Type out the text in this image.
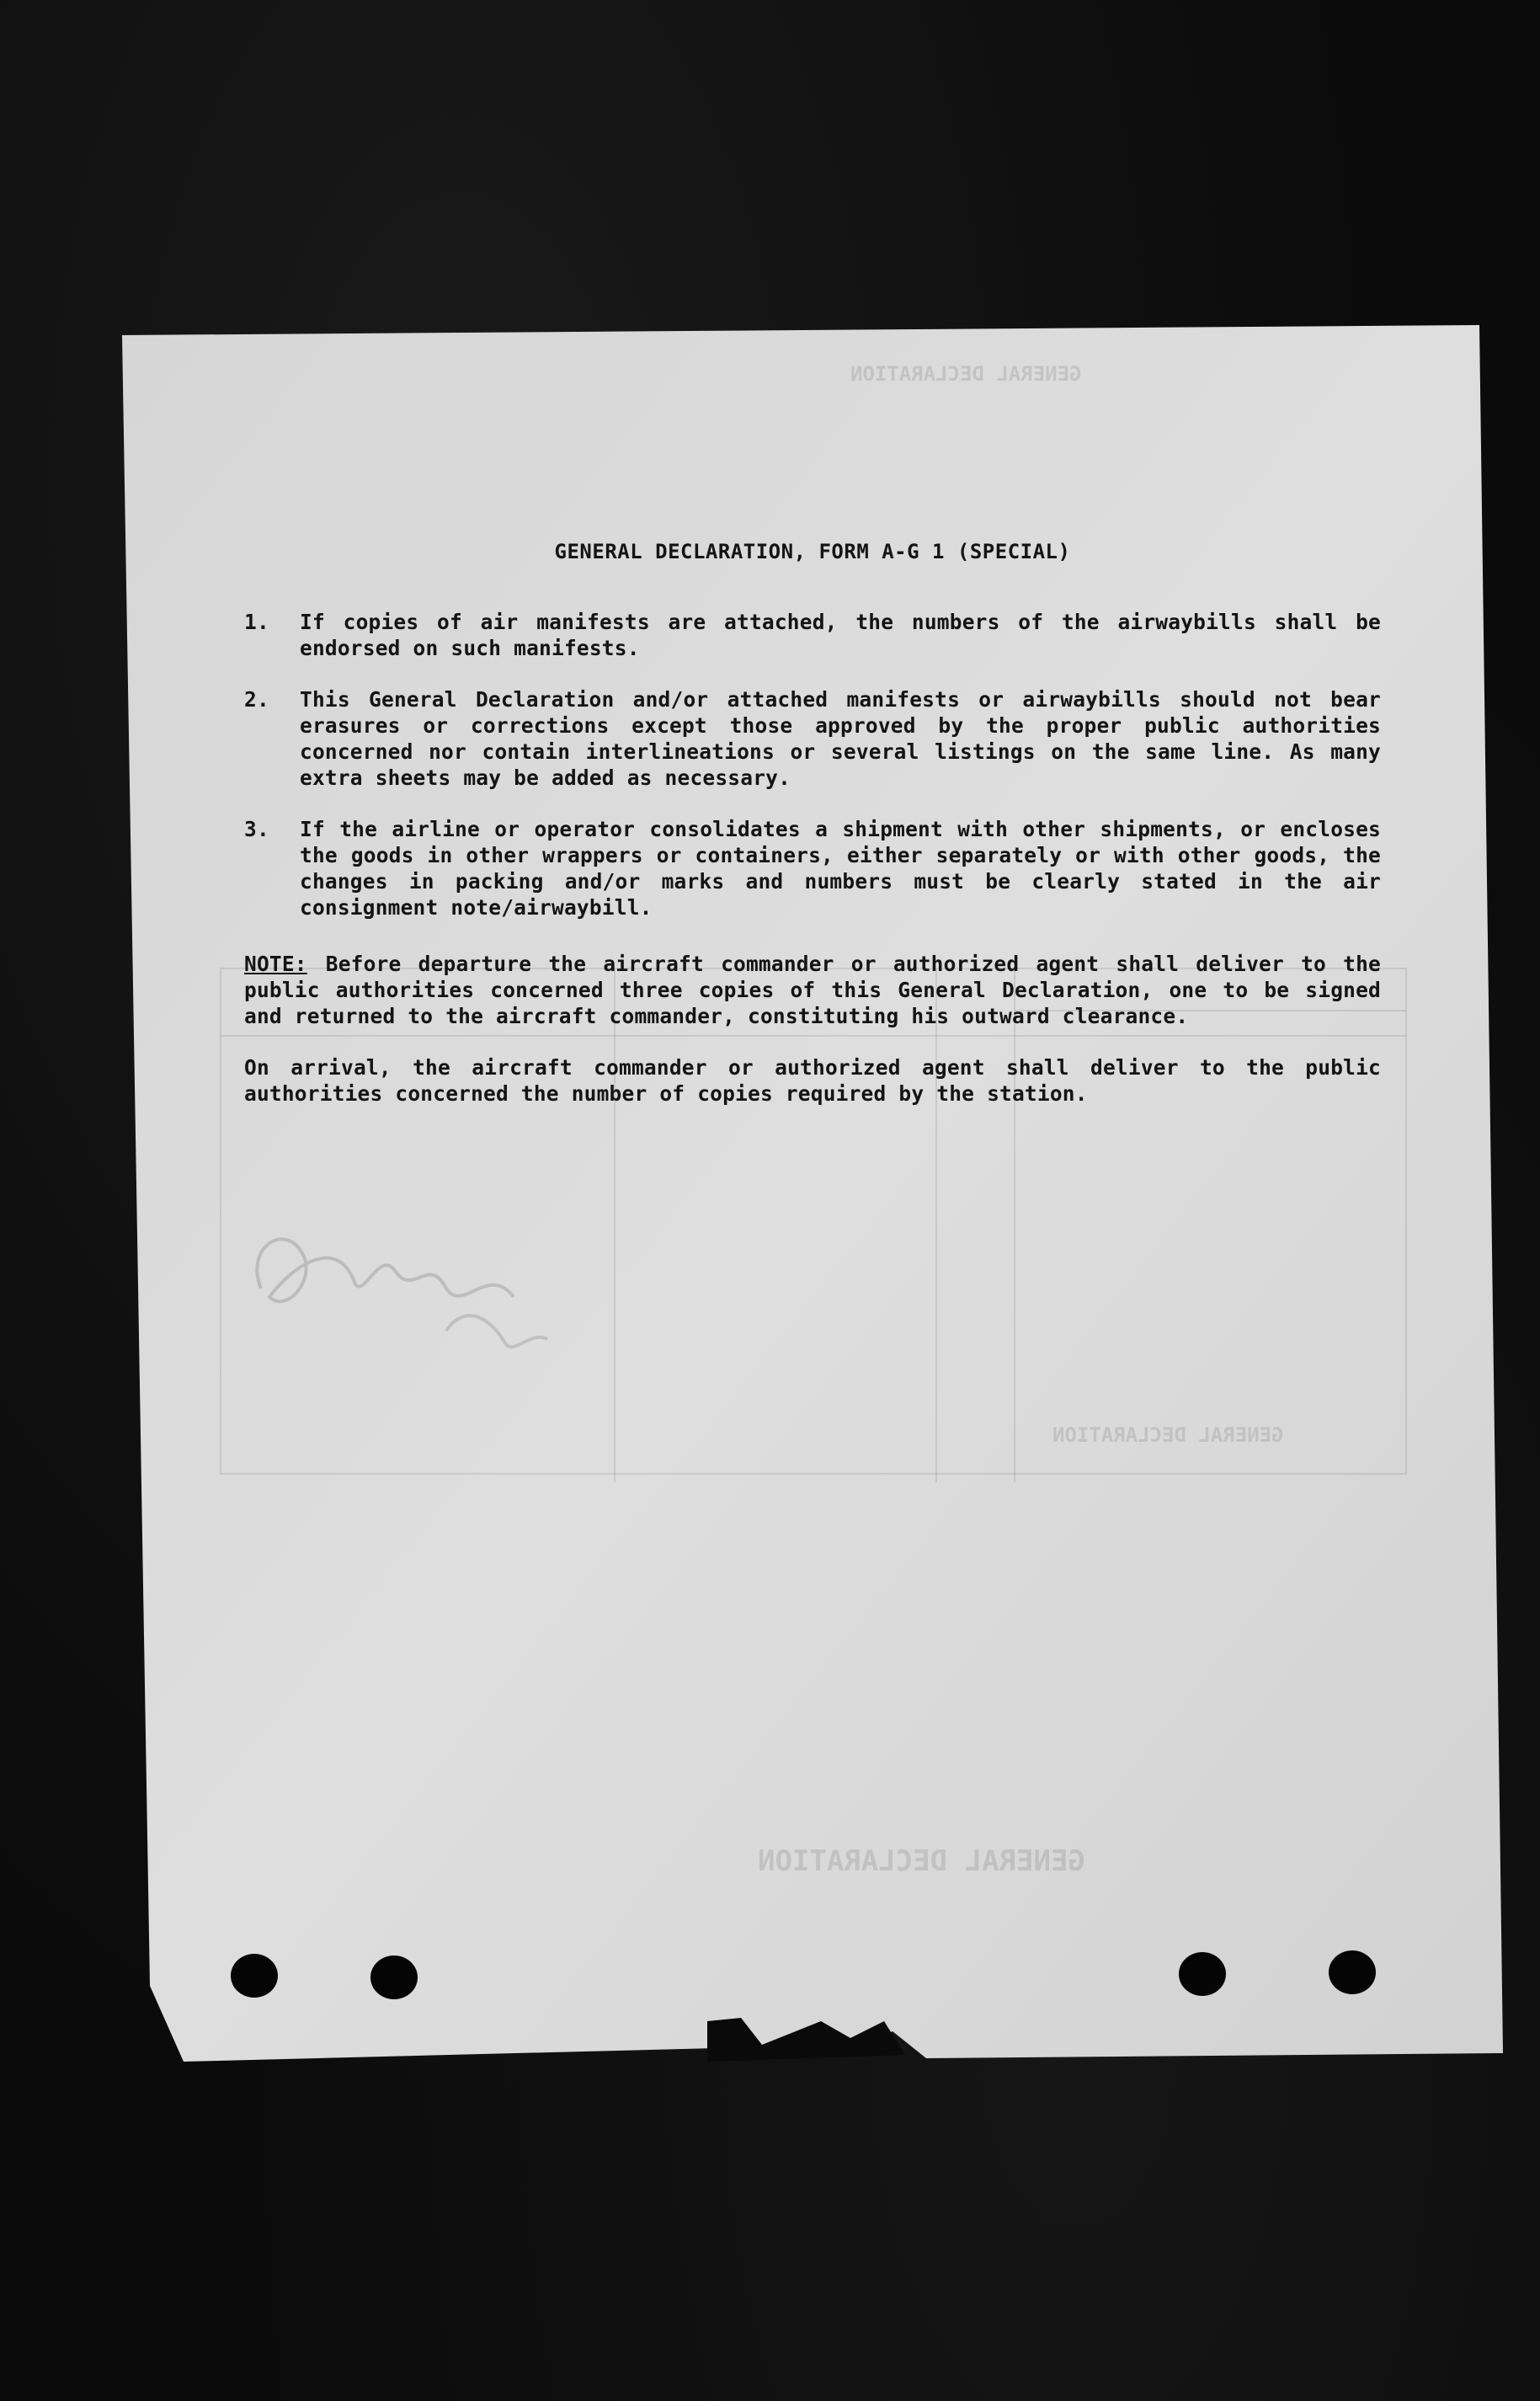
GENERAL DECLARATION
GENERAL DECLARATION
GENERAL DECLARATION
GENERAL DECLARATION, FORM A-G 1 (SPECIAL)
1.	If copies of air manifests are attached, the numbers of the airwaybills shall be endorsed on such manifests.
2.	This General Declaration and/or attached manifests or airwaybills should not bear erasures or corrections except those approved by the proper public authorities concerned nor contain interlineations or several listings on the same line. As many extra sheets may be added as necessary.
3.	If the airline or operator consolidates a shipment with other shipments, or encloses the goods in other wrappers or containers, either separately or with other goods, the changes in packing and/or marks and numbers must be clearly stated in the air consignment note/airwaybill.
NOTE: Before departure the aircraft commander or authorized agent shall deliver to the public authorities concerned three copies of this General Declaration, one to be signed and returned to the aircraft commander, constituting his outward clearance.
On arrival, the aircraft commander or authorized agent shall deliver to the public authorities concerned the number of copies required by the station.
